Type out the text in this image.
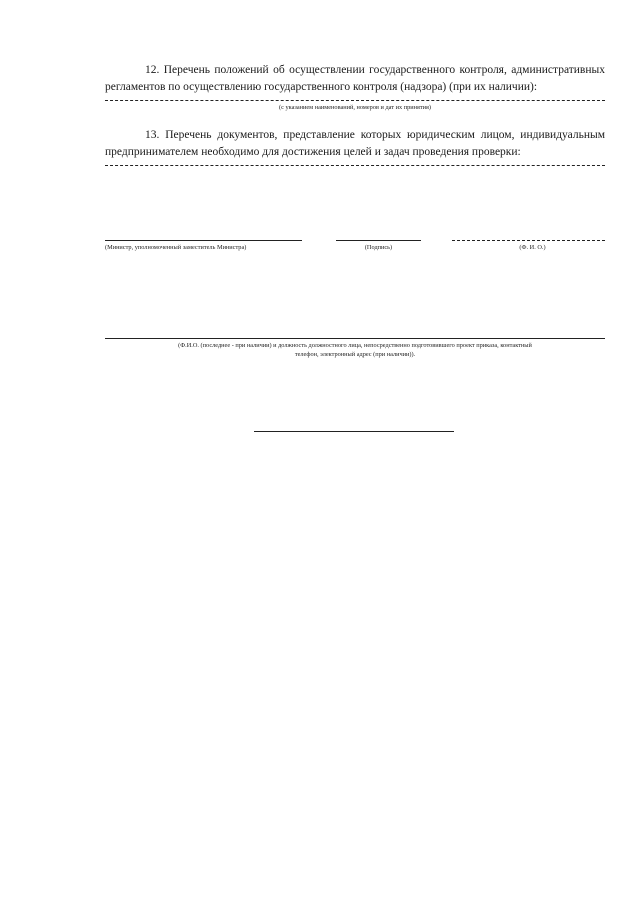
12. Перечень положений об осуществлении государственного контроля, административных регламентов по осуществлению государственного контроля (надзора) (при их наличии):
(с указанием наименований, номеров и дат их принятия)
13. Перечень документов, представление которых юридическим лицом, индивидуальным предпринимателем необходимо для достижения целей и задач проведения проверки:
(Министр, уполномоченный заместитель Министра)	(Подпись)	(Ф. И. О.)
(Ф.И.О. (последнее - при наличии) и должность должностного лица, непосредственно подготовившего проект приказа, контактный
телефон, электронный адрес (при наличии)).
